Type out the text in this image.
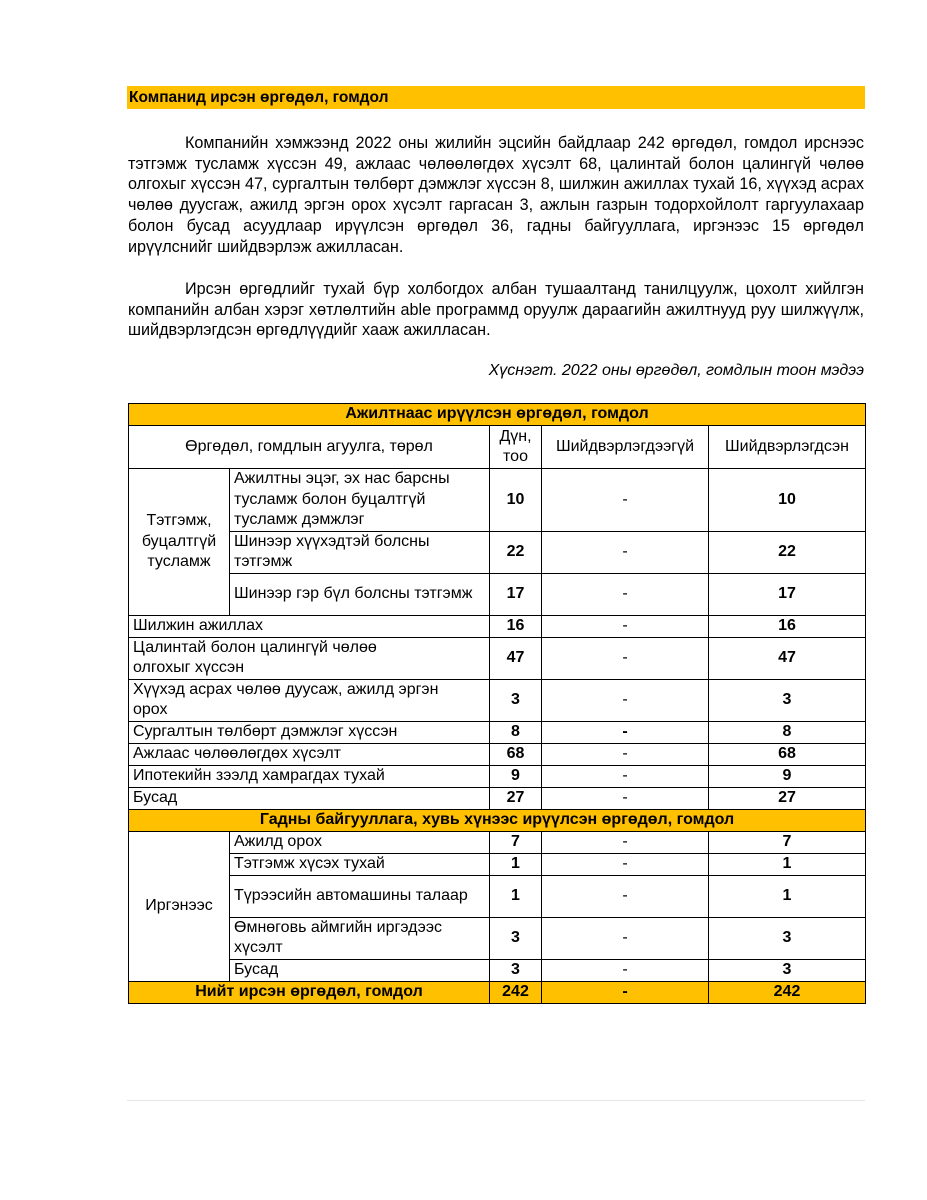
Компанид ирсэн өргөдөл, гомдол

Компанийн хэмжээнд 2022 оны жилийн эцсийн байдлаар 242 өргөдөл, гомдол ирснээс тэтгэмж тусламж хүссэн 49, ажлаас чөлөөлөгдөх хүсэлт 68, цалинтай болон цалингүй чөлөө олгохыг хүссэн 47, сургалтын төлбөрт дэмжлэг хүссэн 8, шилжин ажиллах тухай 16, хүүхэд асрах чөлөө дуусгаж, ажилд эргэн орох хүсэлт гаргасан 3, ажлын газрын тодорхойлолт гаргуулахаар болон бусад асуудлаар ирүүлсэн өргөдөл 36, гадны байгууллага, иргэнээс 15 өргөдөл ирүүлснийг шийдвэрлэж ажилласан.

Ирсэн өргөдлийг тухай бүр холбогдох албан тушаалтанд танилцуулж, цохолт хийлгэн компанийн албан хэрэг хөтлөлтийн able программд оруулж дараагийн ажилтнууд руу шилжүүлж, шийдвэрлэгдсэн өргөдлүүдийг хааж ажилласан.

Хүснэгт. 2022 оны өргөдөл, гомдлын тоон мэдээ
Ажилтнаас ирүүлсэн өргөдөл, гомдол				
Өргөдөл, гомдлын агуулга, төрөл		Дүн, тоо	Шийдвэрлэгдээгүй	Шийдвэрлэгдсэн
Тэтгэмж, буцалтгүй тусламж	Ажилтны эцэг, эх нас барсны тусламж болон буцалтгүй тусламж дэмжлэг	10	-	10
	Шинээр хүүхэдтэй болсны тэтгэмж	22	-	22
	Шинээр гэр бүл болсны тэтгэмж	17	-	17
Шилжин ажиллах		16	-	16
Цалинтай болон цалингүй чөлөө олгохыг хүссэн		47	-	47
Хүүхэд асрах чөлөө дуусаж, ажилд эргэн орох		3	-	3
Сургалтын төлбөрт дэмжлэг хүссэн		8	-	8
Ажлаас чөлөөлөгдөх хүсэлт		68	-	68
Ипотекийн зээлд хамрагдах тухай		9	-	9
Бусад		27	-	27
Гадны байгууллага, хувь хүнээс ирүүлсэн өргөдөл, гомдол				
Иргэнээс	Ажилд орох	7	-	7
	Тэтгэмж хүсэх тухай	1	-	1
	Түрээсийн автомашины талаар	1	-	1
	Өмнөговь аймгийн иргэдээс хүсэлт	3	-	3
	Бусад	3	-	3
Нийт ирсэн өргөдөл, гомдол		242	-	242
